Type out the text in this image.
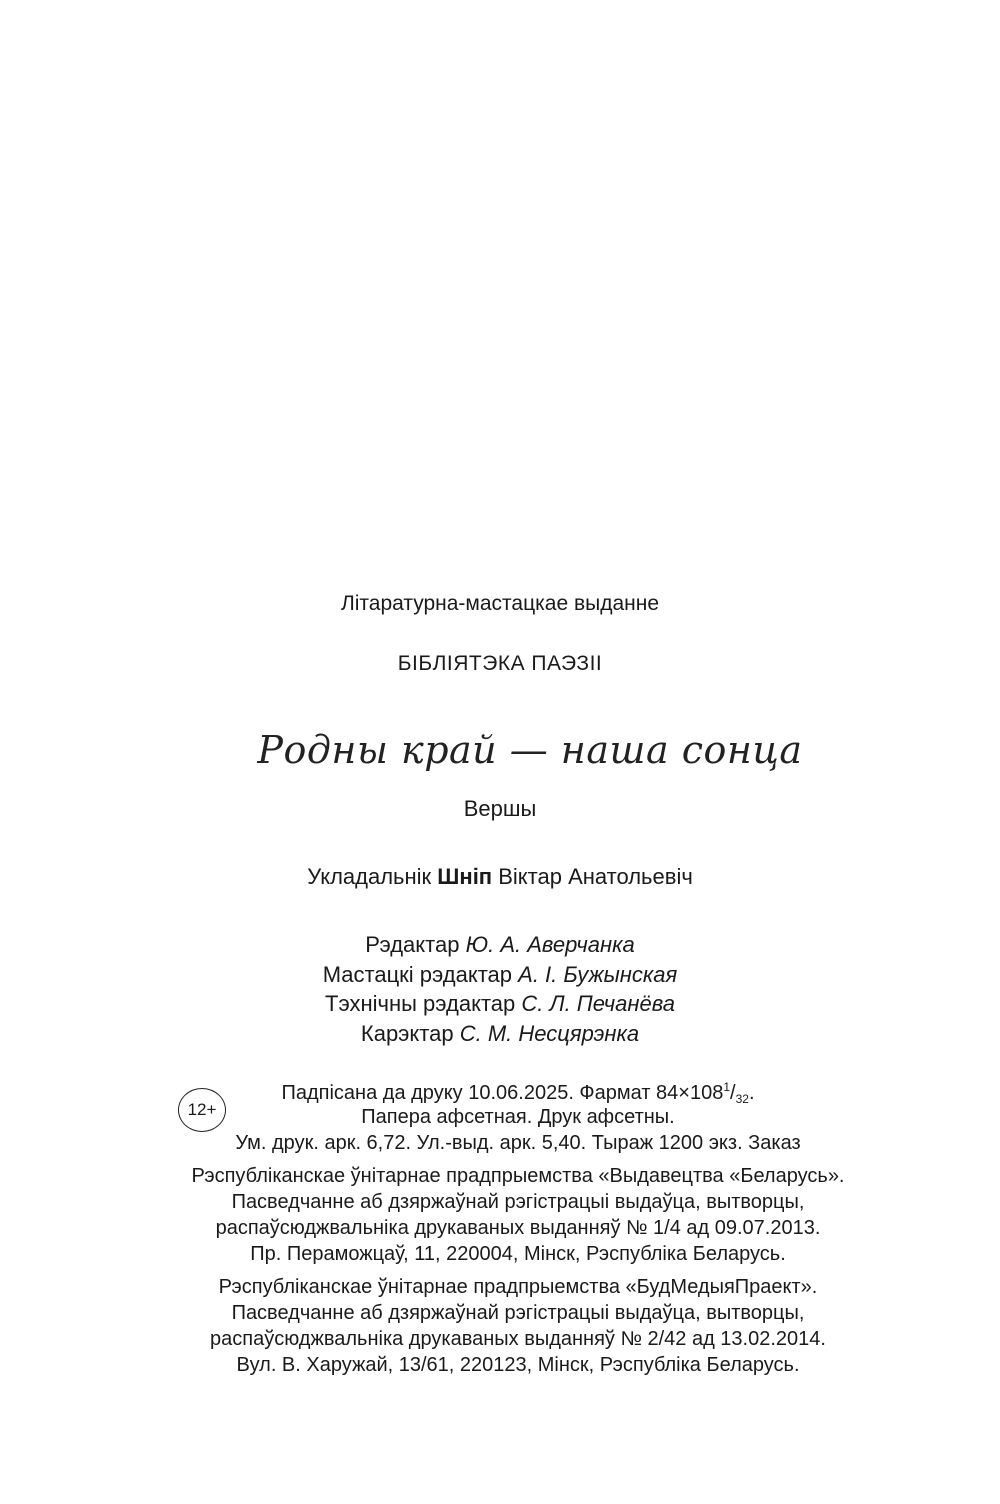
Літаратурна-мастацкае выданне
БІБЛІЯТЭКА ПАЭЗІІ
Родны край — наша сонца
Вершы
Укладальнік Шніп Віктар Анатольевіч
Рэдактар Ю. А. Аверчанка
Мастацкі рэдактар А. І. Бужынская
Тэхнічны рэдактар С. Л. Печанёва
Карэктар С. М. Несцярэнка
12+
Падпісана да друку 10.06.2025. Фармат $84\times 108^1/_{32}$.
Папера афсетная. Друк афсетны.
Ум. друк. арк. 6,72. Ул.-выд. арк. 5,40. Тыраж 1200 экз. Заказ
Рэспубліканскае ўнітарнае прадпрыемства «Выдавецтва «Беларусь».
Пасведчанне аб дзяржаўнай рэгістрацыі выдаўца, вытворцы,
распаўсюджвальніка друкаваных выданняў № 1/4 ад 09.07.2013.
Пр. Пераможцаў, 11, 220004, Мінск, Рэспубліка Беларусь.
Рэспубліканскае ўнітарнае прадпрыемства «БудМедыяПраект».
Пасведчанне аб дзяржаўнай рэгістрацыі выдаўца, вытворцы,
распаўсюджвальніка друкаваных выданняў № 2/42 ад 13.02.2014.
Вул. В. Харужай, 13/61, 220123, Мінск, Рэспубліка Беларусь.
